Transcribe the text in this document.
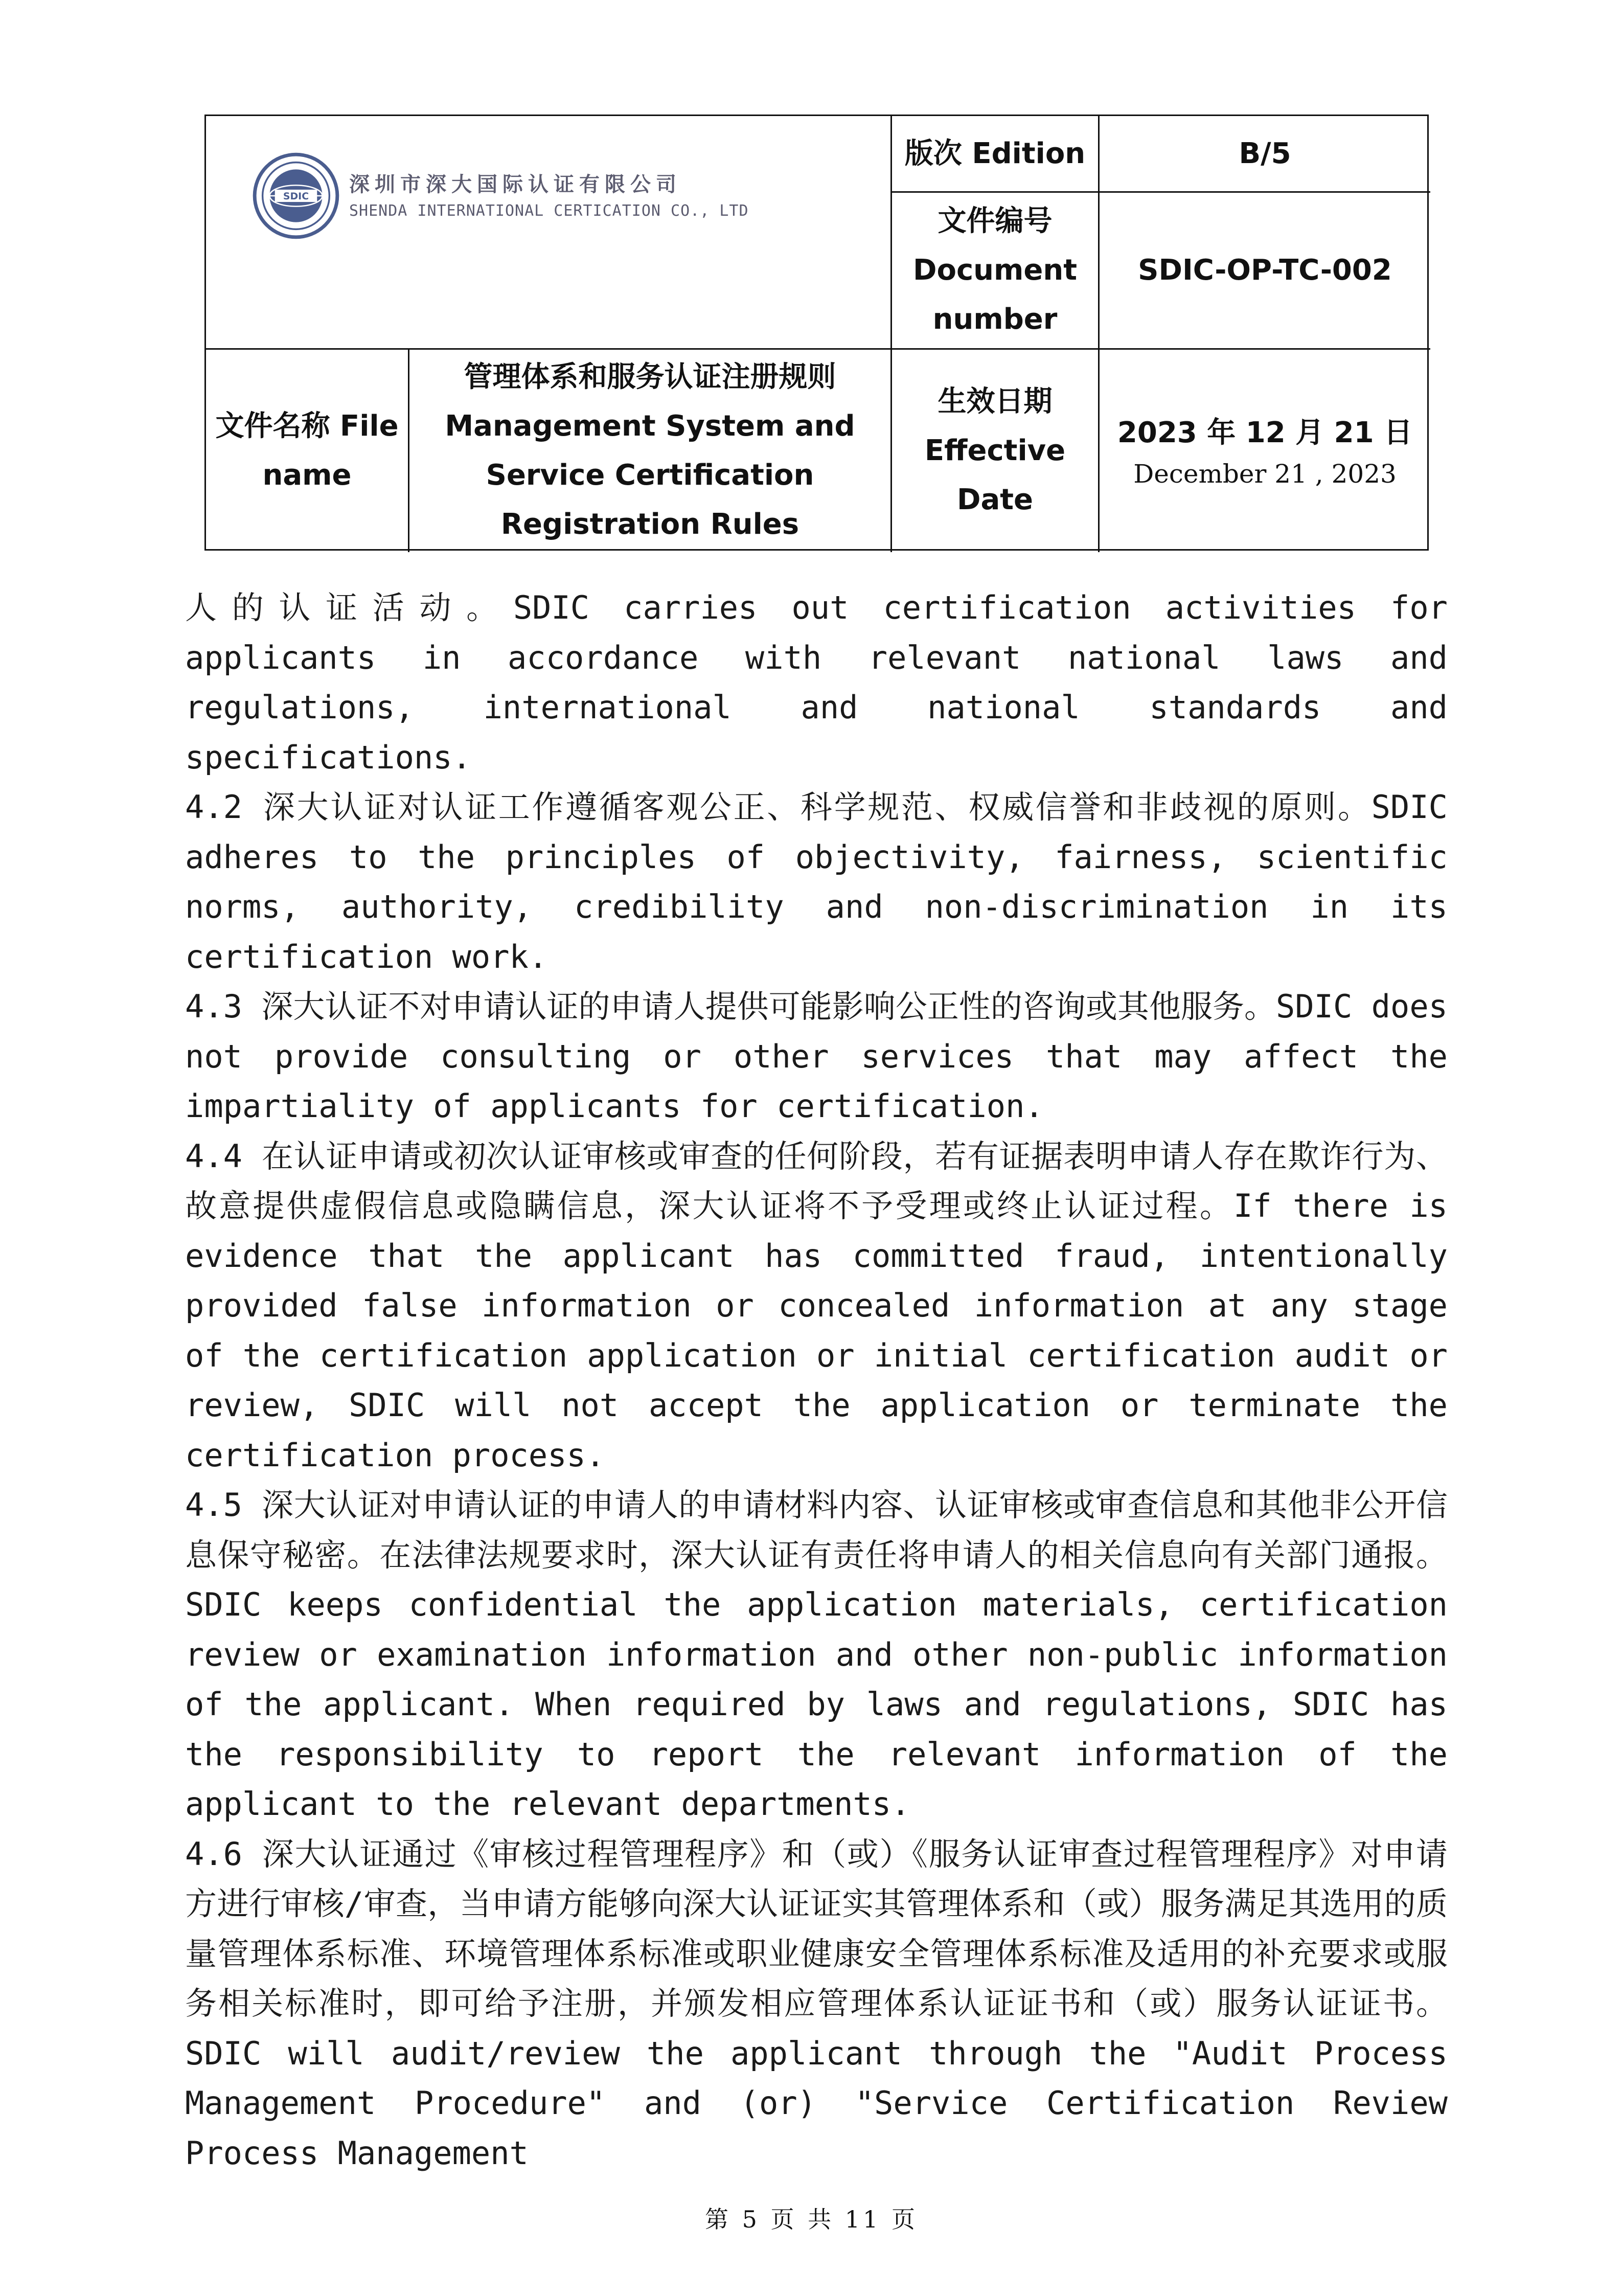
SDIC 深圳市深大国际认证有限公司
SHENDA INTERNATIONAL CERTICATION CO., LTD
版次 Edition	B/5
文件编号
Document
number
SDIC-OP-TC-002
文件名称 File
name
管理体系和服务认证注册规则
Management System and
Service Certification
Registration Rules
生效日期
Effective
Date
2023 年 12 月 21 日
December 21 , 2023

人的认证活动。SDIC carries out certification activities for applicants in accordance with relevant national laws and regulations, international and national standards and specifications.

4.2 深大认证对认证工作遵循客观公正、科学规范、权威信誉和非歧视的原则。SDIC adheres to the principles of objectivity, fairness, scientific norms, authority, credibility and non-discrimination in its certification work.

4.3 深大认证不对申请认证的申请人提供可能影响公正性的咨询或其他服务。SDIC does not provide consulting or other services that may affect the impartiality of applicants for certification.

4.4 在认证申请或初次认证审核或审查的任何阶段，若有证据表明申请人存在欺诈行为、故意提供虚假信息或隐瞒信息，深大认证将不予受理或终止认证过程。If there is evidence that the applicant has committed fraud, intentionally provided false information or concealed information at any stage of the certification application or initial certification audit or review, SDIC will not accept the application or terminate the certification process.

4.5 深大认证对申请认证的申请人的申请材料内容、认证审核或审查信息和其他非公开信息保守秘密。在法律法规要求时，深大认证有责任将申请人的相关信息向有关部门通报。SDIC keeps confidential the application materials, certification review or examination information and other non-public information of the applicant. When required by laws and regulations, SDIC has the responsibility to report the relevant information of the applicant to the relevant departments.

4.6 深大认证通过《审核过程管理程序》和（或）《服务认证审查过程管理程序》对申请方进行审核/审查，当申请方能够向深大认证证实其管理体系和（或）服务满足其选用的质量管理体系标准、环境管理体系标准或职业健康安全管理体系标准及适用的补充要求或服务相关标准时，即可给予注册，并颁发相应管理体系认证证书和（或）服务认证证书。SDIC will audit/review the applicant through the "Audit Process Management Procedure" and (or) "Service Certification Review Process Management

第 5 页 共 11 页
